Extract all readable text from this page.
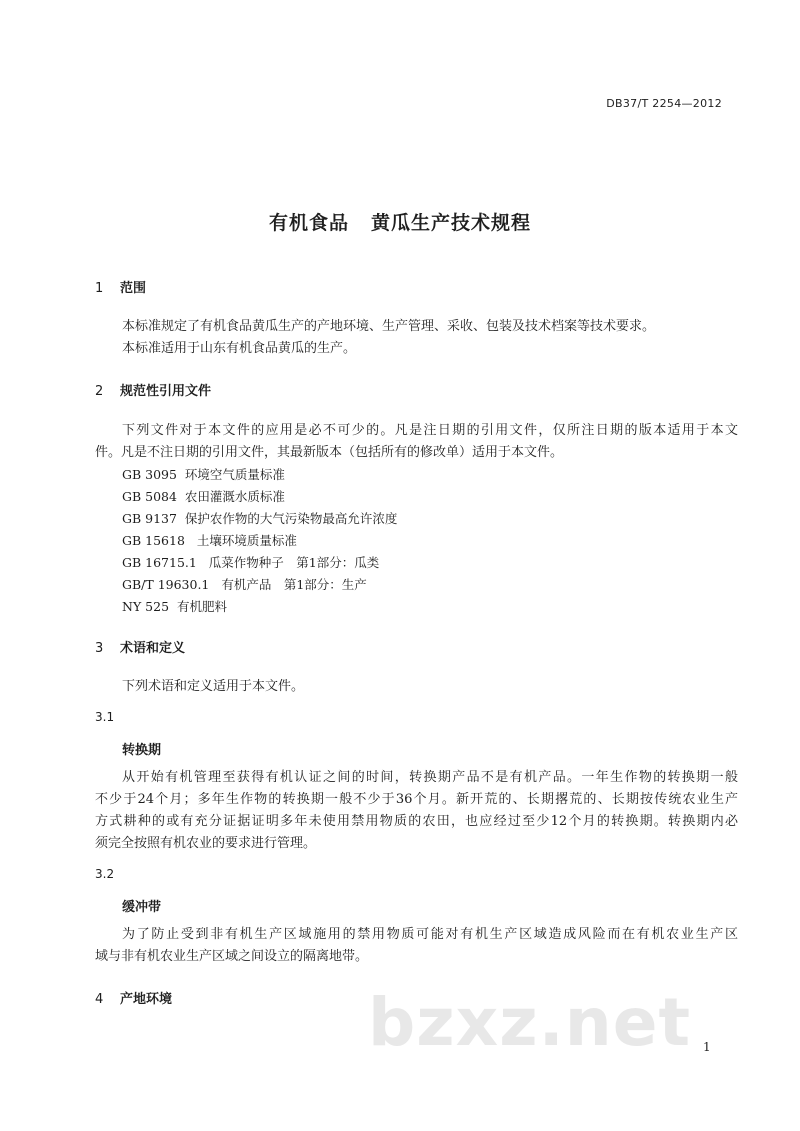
DB37/T 2254—2012
有机食品 黄瓜生产技术规程
1 范围
本标准规定了有机食品黄瓜生产的产地环境、生产管理、采收、包装及技术档案等技术要求。
本标准适用于山东有机食品黄瓜的生产。
2 规范性引用文件
下列文件对于本文件的应用是必不可少的。凡是注日期的引用文件，仅所注日期的版本适用于本文
件。凡是不注日期的引用文件，其最新版本（包括所有的修改单）适用于本文件。
GB 3095 环境空气质量标准
GB 5084 农田灌溉水质标准
GB 9137 保护农作物的大气污染物最高允许浓度
GB 15618 土壤环境质量标准
GB 16715.1 瓜菜作物种子　第1部分：瓜类
GB/T 19630.1 有机产品　第1部分：生产
NY 525 有机肥料
3 术语和定义
下列术语和定义适用于本文件。
3.1
转换期
从开始有机管理至获得有机认证之间的时间，转换期产品不是有机产品。一年生作物的转换期一般
不少于24个月；多年生作物的转换期一般不少于36个月。新开荒的、长期撂荒的、长期按传统农业生产
方式耕种的或有充分证据证明多年未使用禁用物质的农田，也应经过至少12个月的转换期。转换期内必
须完全按照有机农业的要求进行管理。
3.2
缓冲带
为了防止受到非有机生产区域施用的禁用物质可能对有机生产区域造成风险而在有机农业生产区
域与非有机农业生产区域之间设立的隔离地带。
4 产地环境	bzxz.net 1
